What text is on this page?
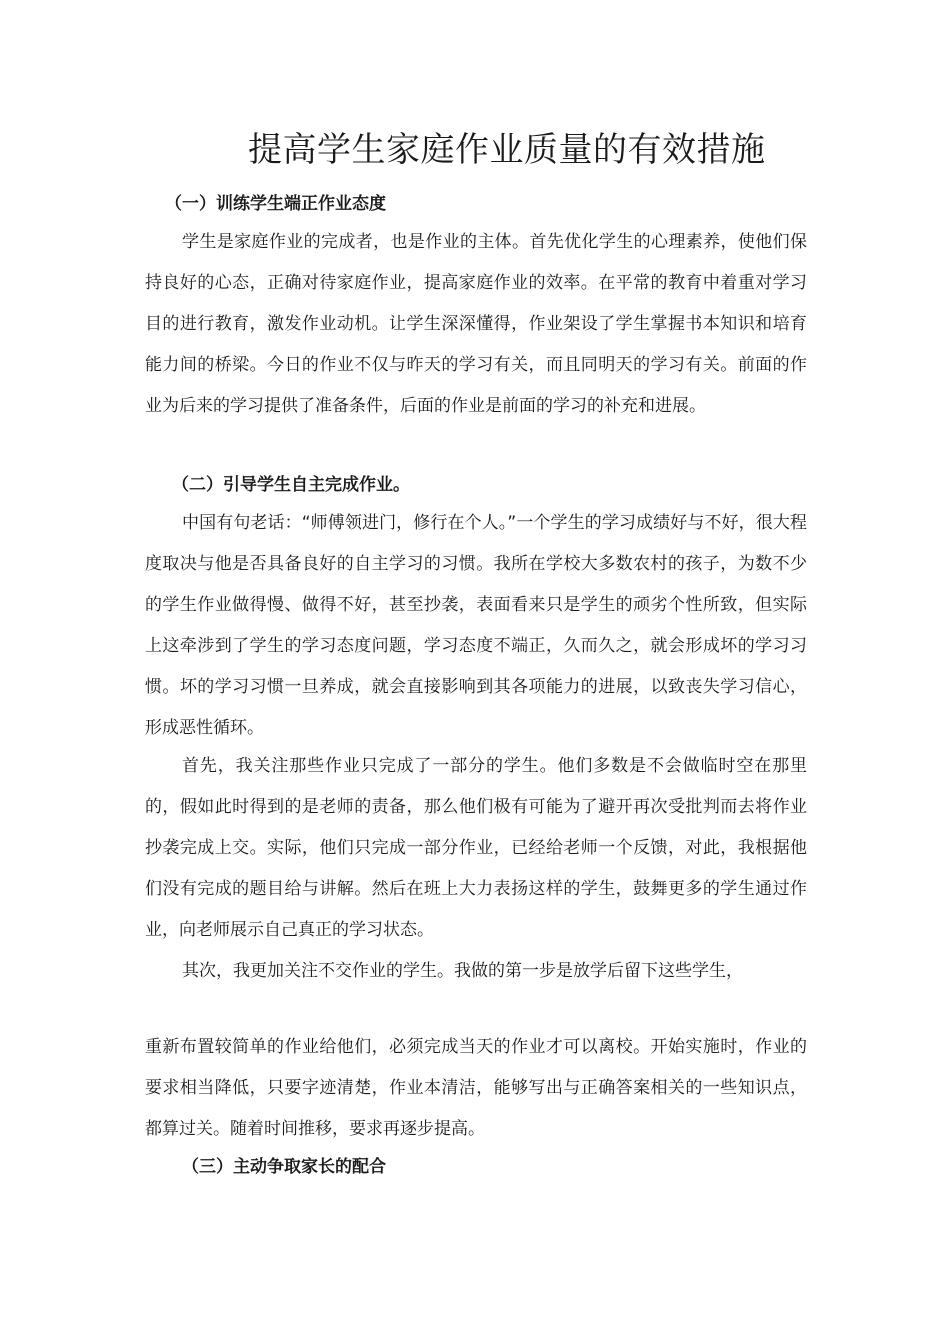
提高学生家庭作业质量的有效措施
（一）训练学生端正作业态度

学生是家庭作业的完成者，也是作业的主体。首先优化学生的心理素养，使他们保持良好的心态，正确对待家庭作业，提高家庭作业的效率。在平常的教育中着重对学习目的进行教育，激发作业动机。让学生深深懂得，作业架设了学生掌握书本知识和培育能力间的桥梁。今日的作业不仅与昨天的学习有关，而且同明天的学习有关。前面的作业为后来的学习提供了准备条件，后面的作业是前面的学习的补充和进展。

（二）引导学生自主完成作业。

中国有句老话：“师傅领进门，修行在个人。”一个学生的学习成绩好与不好，很大程度取决与他是否具备良好的自主学习的习惯。我所在学校大多数农村的孩子，为数不少的学生作业做得慢、做得不好，甚至抄袭，表面看来只是学生的顽劣个性所致，但实际上这牵涉到了学生的学习态度问题，学习态度不端正，久而久之，就会形成坏的学习习惯。坏的学习习惯一旦养成，就会直接影响到其各项能力的进展，以致丧失学习信心，形成恶性循环。

首先，我关注那些作业只完成了一部分的学生。他们多数是不会做临时空在那里的，假如此时得到的是老师的责备，那么他们极有可能为了避开再次受批判而去将作业抄袭完成上交。实际，他们只完成一部分作业，已经给老师一个反馈，对此，我根据他们没有完成的题目给与讲解。然后在班上大力表扬这样的学生，鼓舞更多的学生通过作业，向老师展示自己真正的学习状态。

其次，我更加关注不交作业的学生。我做的第一步是放学后留下这些学生，

重新布置较简单的作业给他们，必须完成当天的作业才可以离校。开始实施时，作业的要求相当降低，只要字迹清楚，作业本清洁，能够写出与正确答案相关的一些知识点，都算过关。随着时间推移，要求再逐步提高。

（三）主动争取家长的配合
